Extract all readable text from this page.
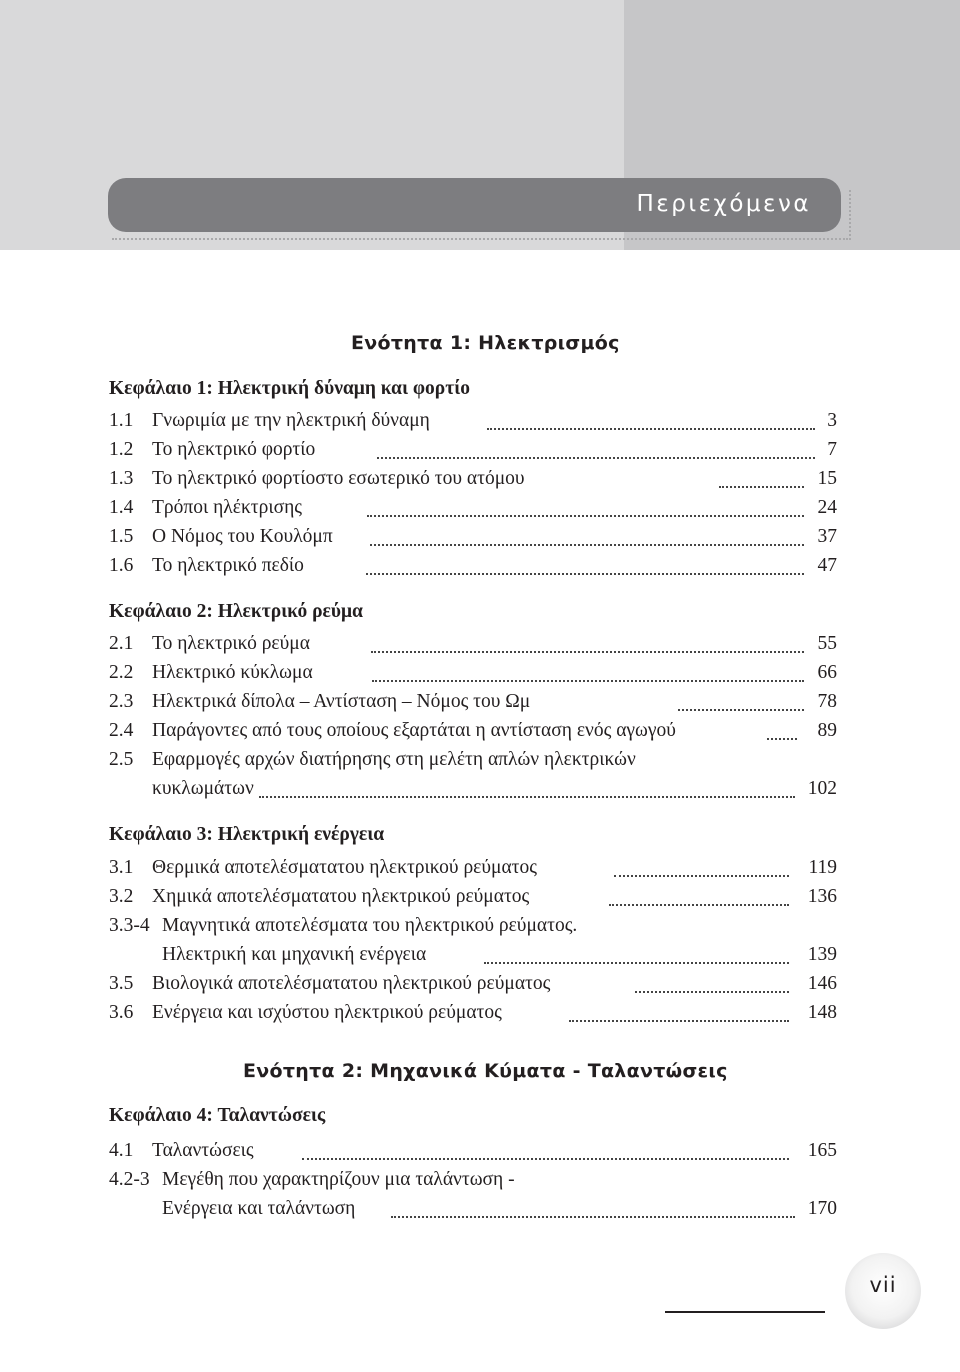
Περιεχόμενα
Ενότητα 1: Ηλεκτρισμός
Κεφάλαιο 1: Ηλεκτρική δύναμη και φορτίο
1.1 Γνωριμία με την ηλεκτρική δύναμη	3
1.2 Το ηλεκτρικό φορτίο	7
1.3 Το ηλεκτρικό φορτίοστο εσωτερικό του ατόμου	15
1.4 Τρόποι ηλέκτρισης	24
1.5 Ο Νόμος του Κουλόμπ	37
1.6 Το ηλεκτρικό πεδίο	47
Κεφάλαιο 2: Ηλεκτρικό ρεύμα
2.1 Το ηλεκτρικό ρεύμα	55
2.2 Ηλεκτρικό κύκλωμα	66
2.3 Ηλεκτρικά δίπολα – Αντίσταση – Νόμος του Ωμ	78
2.4 Παράγοντες από τους οποίους εξαρτάται η αντίσταση ενός αγωγού	89
2.5 Εφαρμογές αρχών διατήρησης στη μελέτη απλών ηλεκτρικών
κυκλωμάτων	102
Κεφάλαιο 3: Ηλεκτρική ενέργεια
3.1 Θερμικά αποτελέσματατου ηλεκτρικού ρεύματος	119
3.2 Χημικά αποτελέσματατου ηλεκτρικού ρεύματος	136
3.3-4 Μαγνητικά αποτελέσματα του ηλεκτρικού ρεύματος.
Ηλεκτρική και μηχανική ενέργεια	139
3.5 Βιολογικά αποτελέσματατου ηλεκτρικού ρεύματος	146
3.6 Ενέργεια και ισχύστου ηλεκτρικού ρεύματος	148
Ενότητα 2: Μηχανικά Κύματα - Ταλαντώσεις
Κεφάλαιο 4: Ταλαντώσεις
4.1 Ταλαντώσεις	165
4.2-3 Μεγέθη που χαρακτηρίζουν μια ταλάντωση -
Ενέργεια και ταλάντωση	170
vii
